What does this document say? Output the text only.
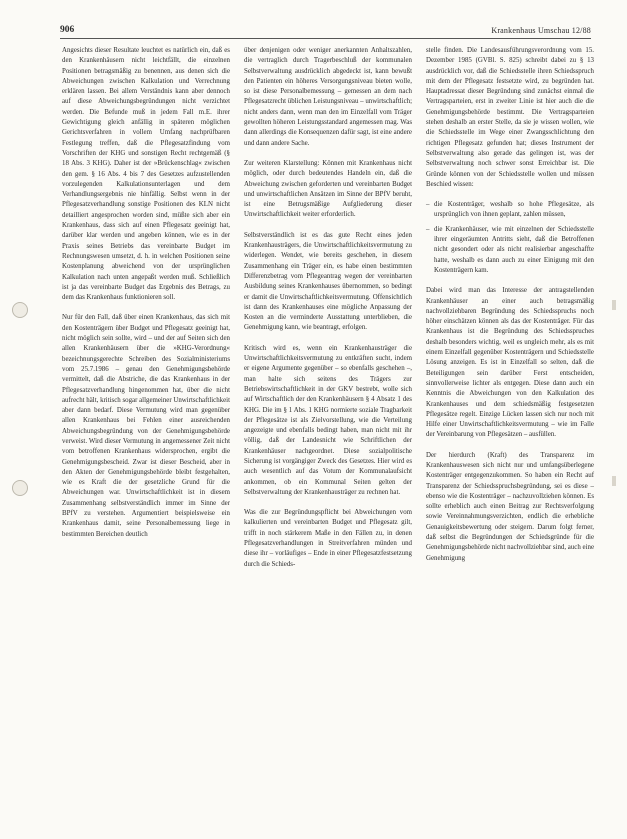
906	Krankenhaus Umschau 12/88

Angesichts dieser Resultate leuchtet es natürlich ein, daß es den Krankenhäusern nicht leichtfällt, die einzelnen Positionen betragsmäßig zu benennen, aus denen sich die Abweichungen zwischen Kalkulation und Verrechnung erklären lassen. Bei allem Verständnis kann aber dennoch auf diese Abweichungsbegründungen nicht verzichtet werden. Die Befunde muß in jedem Fall m.E. ihrer Gewichtigung gleich anfällig in späteren möglichen Gerichtsverfahren in vollem Umfang nachprüfbaren Festlegung treffen, daß die Pflegesatzfindung vom Vorschriften der KHG und sonstigen Recht rechtgemäß (§ 18 Abs. 3 KHG). Daher ist der »Brückenschlag« zwischen den gem. § 16 Abs. 4 bis 7 des Gesetzes aufzustellenden vorzulegenden Kalkulationsunterlagen und dem Verhandlungsergebnis nie hinfällig. Selbst wenn in der Pflegesatzverhandlung sonstige Positionen des KLN nicht detailliert angesprochen worden sind, müßte sich aber ein Krankenhaus, dass sich auf einen Pflegesatz geeinigt hat, darüber klar werden und angeben können, wie es in der Praxis seines Betriebs das vereinbarte Budget im Rechnungswesen umsetzt, d. h. in welchen Positionen seine Kostenplanung abweichend von der ursprünglichen Kalkulation nach unten angepaßt werden muß. Schließlich ist ja das vereinbarte Budget das Ergebnis des Betrags, zu dem das Krankenhaus funktionieren soll.

Nur für den Fall, daß über einen Krankenhaus, das sich mit den Kostenträgern über Budget und Pflegesatz geeinigt hat, nicht möglich sein sollte, wird – und der auf Seiten sich den allen Krankenhäusern über die »KHG-Verordnung« bezeichnungsgerechte Schreiben des Sozialministeriums vom 25.7.1986 – genau den Genehmigungsbehörde vermittelt, daß die Abstriche, die das Krankenhaus in der Pflegesatzverhandlung hingenommen hat, über die nicht aufrecht hält, kritisch sogar allgemeiner Unwirtschaftlichkeit aber dann bedarf. Diese Vermutung wird man gegenüber allen Krankenhaus bei Fehlen einer ausreichenden Abweichungsbegründung von der Genehmigungsbehörde verweist. Wird dieser Vermutung in angemessener Zeit nicht vom betroffenen Krankenhaus widersprochen, ergibt die Genehmigungsbescheid. Zwar ist dieser Bescheid, aber in den Akten der Genehmigungsbehörde bleibt festgehalten, wie es Kraft die der gesetzliche Grund für die Abweichungen war. Unwirtschaftlichkeit ist in diesem Zusammenhang selbstverständlich immer im Sinne der BPfV zu verstehen. Argumentiert beispielsweise ein Krankenhaus damit, seine Personalbemessung liege in bestimmten Bereichen deutlich

über denjenigen oder weniger anerkannten Anhaltszahlen, die vertraglich durch Tragerbeschluß der kommunalen Selbstverwaltung ausdrücklich abgedeckt ist, kann bewußt den Patienten ein höheres Versorgungsniveau bieten wolle, so ist diese Personalbemessung – gemessen an dem nach Pflegesatzrecht üblichen Leistungsniveau – unwirtschaftlich; nicht anders dann, wenn man den im Einzelfall vom Träger gewollten höheren Leistungsstandard angemessen mag. Was dann allerdings die Konsequenzen dafür sagt, ist eine andere und dann andere Sache.

Zur weiteren Klarstellung: Können mit Krankenhaus nicht möglich, oder durch bedeutendes Handeln ein, daß die Abweichung zwischen geforderten und vereinbarten Budget und unwirtschaftlichen Ansätzen im Sinne der BPfV beruht, ist eine Betrugsmäßige Aufgliederung dieser Unwirtschaftlichkeit weiter erforderlich.

Selbstverständlich ist es das gute Recht eines jeden Krankenhausträgers, die Unwirtschaftlichkeitsvermutung zu widerlegen. Wendet, wie bereits geschehen, in diesem Zusammenhang ein Träger ein, es habe einen bestimmten Differenzbetrag vom Pflegeantrag wegen der vereinbarten Ausbildung seines Krankenhauses übernommen, so bedingt er damit die Unwirtschaftlichkeitsvermutung. Offensichtlich ist dann des Krankenhauses eine mögliche Anpassung der Kosten an die verminderte Ausstattung unterblieben, die Genehmigung kann, wie beantragt, erfolgen.

Kritisch wird es, wenn ein Krankenhausträger die Unwirtschaftlichkeitsvermutung zu entkräften sucht, indem er eigene Argumente gegenüber – so ebenfalls geschehen –, man halte sich seitens des Trägers zur Betriebswirtschaftlichkeit in der GKV bestrebt, wolle sich auf Wirtschaftlich der den Krankenhäusern § 4 Absatz 1 des KHG. Die im § 1 Abs. 1 KHG normierte soziale Tragbarkeit der Pflegesätze ist als Zielvorstellung, wie die Verteilung angezeigte und ebenfalls bedingt haben, man nicht mit ihr völlig, daß der Landesnicht wie Schriftlichen der Krankenhäuser nachgeordnet. Diese sozialpolitische Sicherung ist vorgängiger Zweck des Gesetzes. Hier wird es auch wesentlich auf das Votum der Kommunalaufsicht ankommen, ob ein Kommunal Seiten gelten der Selbstverwaltung der Krankenhausträger zu rechnen hat.

Was die zur Begründungspflicht bei Abweichungen vom kalkulierten und vereinbarten Budget und Pflegesatz gilt, trifft in noch stärkerem Maße in den Fällen zu, in denen Pflegesatzverhandlungen in Streitverfahren münden und diese ihr – vorläufiges – Ende in einer Pflegesatzfestsetzung durch die Schieds-

stelle finden. Die Landesausführungsverordnung vom 15. Dezember 1985 (GVBl. S. 825) schreibt dabei zu § 13 ausdrücklich vor, daß die Schiedsstelle ihren Schiedsspruch mit dem der Pflegesatz festsetzte wird, zu begründen hat. Hauptadressat dieser Begründung sind zunächst einmal die Vertragsparteien, erst in zweiter Linie ist hier auch die die Genehmigungsbehörde bestimmt. Die Vertragsparteien stehen deshalb an erster Stelle, da sie je wissen wollen, wie die Schiedsstelle im Wege einer Zwangsschlichtung den richtigen Pflegesatz gefunden hat; dieses Instrument der Selbstverwaltung also gerade das gelingen ist, was der Selbstverwaltung noch schwer sonst Erreichbar ist. Die Gründe können von der Schiedsstelle wollen und müssen Beschied wissen:

– die Kostenträger, weshalb so hohe Pflegesätze, als ursprünglich von ihnen geplant, zahlen müssen,
– die Krankenhäuser, wie mit einzelnen der Schiedsstelle ihrer eingeräumten Antritts sieht, daß die Betroffenen nicht gesondert oder als nicht realisierbar angeschaffte hatte, weshalb es dann auch zu einer Einigung mit den Kostenträgern kam.

Dabei wird man das Interesse der antragstellenden Krankenhäuser an einer auch betragsmäßig nachvollziehbaren Begründung des Schiedsspruchs noch höher einschätzen können als das der Kostenträger. Für das Krankenhaus ist die Begründung des Schiedsspruches deshalb besonders wichtig, weil es ungleich mehr, als es mit einem Einzelfall gegenüber Kostenträgern und Schiedsstelle Lösung anzeigen. Es ist in Einzelfall so selten, daß die Beteiligungen sein darüber Ferst entscheiden, sinnvollerweise lichter als entgegen. Diese dann auch ein Kenntnis die Abweichungen von den Kalkulation des Krankenhauses und dem schiedsmäßig festgesetzten Pflegesätze regelt. Einzige Lücken lassen sich nur noch mit Hilfe einer Unwirtschaftlichkeitsvermutung – wie im Falle der Vereinbarung von Pflegesätzen – ausfüllen.

Der hierdurch (Kraft) des Transparenz im Krankenhauswesen sich nicht nur und umfangsüberlegene Kostenträger entgegenzukommen. So haben ein Recht auf Transparenz der Schiedsspruchsbegründung, sei es diese – ebenso wie die Kostenträger – nachzuvollziehen können. Es sollte erheblich auch einen Beitrag zur Rechtsverfolgung sowie Vereinnahmungsverzichten, endlich die erhebliche Genauigkeitsbewertung oder steigern. Darum folgt ferner, daß selbst die Begründungen der Schiedsgründe für die Genehmigungsbehörde nicht nachvollziehbar sind, auch eine Genehmigung
